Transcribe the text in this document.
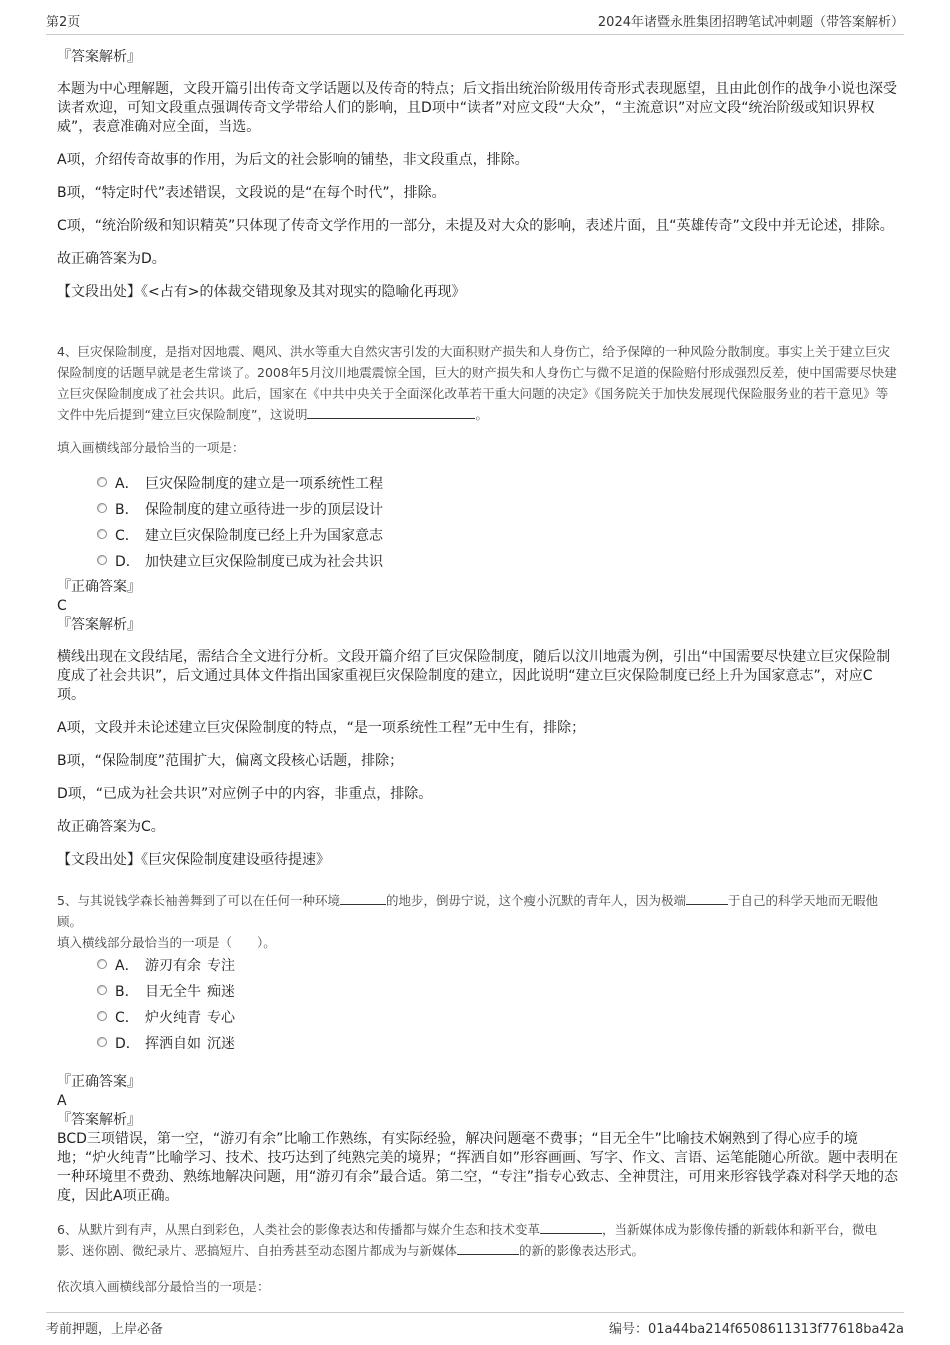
第2页	2024年诸暨永胜集团招聘笔试冲刺题（带答案解析）

『答案解析』

本题为中心理解题，文段开篇引出传奇文学话题以及传奇的特点；后文指出统治阶级用传奇形式表现愿望，且由此创作的战争小说也深受读者欢迎，可知文段重点强调传奇文学带给人们的影响，且D项中“读者”对应文段“大众”，“主流意识”对应文段“统治阶级或知识界权威”，表意准确对应全面，当选。

A项，介绍传奇故事的作用，为后文的社会影响的铺垫，非文段重点，排除。

B项，“特定时代”表述错误，文段说的是“在每个时代”，排除。

C项，“统治阶级和知识精英”只体现了传奇文学作用的一部分，未提及对大众的影响，表述片面，且“英雄传奇”文段中并无论述，排除。

故正确答案为D。

【文段出处】《<占有>的体裁交错现象及其对现实的隐喻化再现》

4、巨灾保险制度，是指对因地震、飓风、洪水等重大自然灾害引发的大面积财产损失和人身伤亡，给予保障的一种风险分散制度。事实上关于建立巨灾保险制度的话题早就是老生常谈了。2008年5月汶川地震震惊全国，巨大的财产损失和人身伤亡与微不足道的保险赔付形成强烈反差，使中国需要尽快建立巨灾保险制度成了社会共识。此后，国家在《中共中央关于全面深化改革若干重大问题的决定》《国务院关于加快发展现代保险服务业的若干意见》等文件中先后提到“建立巨灾保险制度”，这说明	。

填入画横线部分最恰当的一项是：

A． 巨灾保险制度的建立是一项系统性工程
B． 保险制度的建立亟待进一步的顶层设计
C． 建立巨灾保险制度已经上升为国家意志
D． 加快建立巨灾保险制度已成为社会共识

『正确答案』

C

『答案解析』

横线出现在文段结尾，需结合全文进行分析。文段开篇介绍了巨灾保险制度，随后以汶川地震为例，引出“中国需要尽快建立巨灾保险制度成了社会共识”，后文通过具体文件指出国家重视巨灾保险制度的建立，因此说明“建立巨灾保险制度已经上升为国家意志”，对应C项。

A项，文段并未论述建立巨灾保险制度的特点，“是一项系统性工程”无中生有，排除；

B项，“保险制度”范围扩大，偏离文段核心话题，排除；

D项，“已成为社会共识”对应例子中的内容，非重点，排除。

故正确答案为C。

【文段出处】《巨灾保险制度建设亟待提速》

5、与其说钱学森长袖善舞到了可以在任何一种环境	的地步，倒毋宁说，这个瘦小沉默的青年人，因为极端	于自己的科学天地而无暇他顾。

填入横线部分最恰当的一项是（　　）。

A． 游刃有余 专注
B． 目无全牛 痴迷
C． 炉火纯青 专心
D． 挥洒自如 沉迷

『正确答案』

A

『答案解析』

BCD三项错误，第一空，“游刃有余”比喻工作熟练，有实际经验，解决问题毫不费事；“目无全牛”比喻技术娴熟到了得心应手的境地；“炉火纯青”比喻学习、技术、技巧达到了纯熟完美的境界；“挥洒自如”形容画画、写字、作文、言语、运笔能随心所欲。题中表明在一种环境里不费劲、熟练地解决问题，用“游刃有余”最合适。第二空，“专注”指专心致志、全神贯注，可用来形容钱学森对科学天地的态度，因此A项正确。

6、从默片到有声，从黑白到彩色，人类社会的影像表达和传播都与媒介生态和技术变革	，当新媒体成为影像传播的新载体和新平台，微电影、迷你剧、微纪录片、恶搞短片、自拍秀甚至动态图片都成为与新媒体	的新的影像表达形式。

依次填入画横线部分最恰当的一项是：

考前押题，上岸必备	编号：01a44ba214f6508611313f77618ba42a
